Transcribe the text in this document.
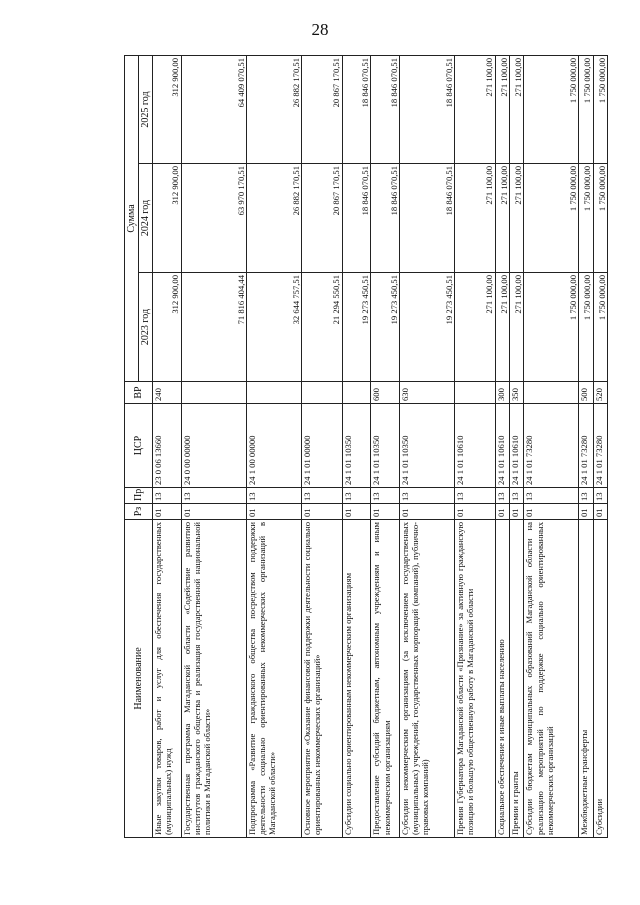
28
Наименование	Рз	Пр	ЦСР	ВР	Сумма		
					2023 год	2024 год	2025 год
Иные закупки товаров, работ и услуг для обеспечения государственных (муниципальных) нужд	01	13	23 0 06 13660	240	312 900,00	312 900,00	312 900,00
Государственная программа Магаданской области «Содействие развитию институтов гражданского общества и реализация государственной национальной политики в Магаданской области»	01	13	24 0 00 00000		71 816 404,44	63 970 170,51	64 409 070,51
Подпрограмма «Развитие гражданского общества посредством поддержки деятельности социально ориентированных некоммерческих организаций в Магаданской области»	01	13	24 1 00 00000		32 644 757,51	26 882 170,51	26 882 170,51
Основное мероприятие «Оказание финансовой поддержки деятельности социально ориентированных некоммерческих организаций»	01	13	24 1 01 00000		21 294 550,51	20 867 170,51	20 867 170,51
Субсидии социально ориентированным некоммерческим организациям	01	13	24 1 01 10350		19 273 450,51	18 846 070,51	18 846 070,51
Предоставление субсидий бюджетным, автономным учреждениям и иным некоммерческим организациям	01	13	24 1 01 10350	600	19 273 450,51	18 846 070,51	18 846 070,51
Субсидии некоммерческим организациям (за исключением государственных (муниципальных) учреждений, государственных корпораций (компаний), публично-правовых компаний)	01	13	24 1 01 10350	630	19 273 450,51	18 846 070,51	18 846 070,51
Премия Губернатора Магаданской области «Признание» за активную гражданскую позицию и большую общественную работу в Магаданской области	01	13	24 1 01 10610		271 100,00	271 100,00	271 100,00
Социальное обеспечение и иные выплаты населению	01	13	24 1 01 10610	300	271 100,00	271 100,00	271 100,00
Премии и гранты	01	13	24 1 01 10610	350	271 100,00	271 100,00	271 100,00
Субсидии бюджетам муниципальных образований Магаданской области на реализацию мероприятий по поддержке социально ориентированных некоммерческих организаций	01	13	24 1 01 73280		1 750 000,00	1 750 000,00	1 750 000,00
Межбюджетные трансферты	01	13	24 1 01 73280	500	1 750 000,00	1 750 000,00	1 750 000,00
Субсидии	01	13	24 1 01 73280	520	1 750 000,00	1 750 000,00	1 750 000,00
